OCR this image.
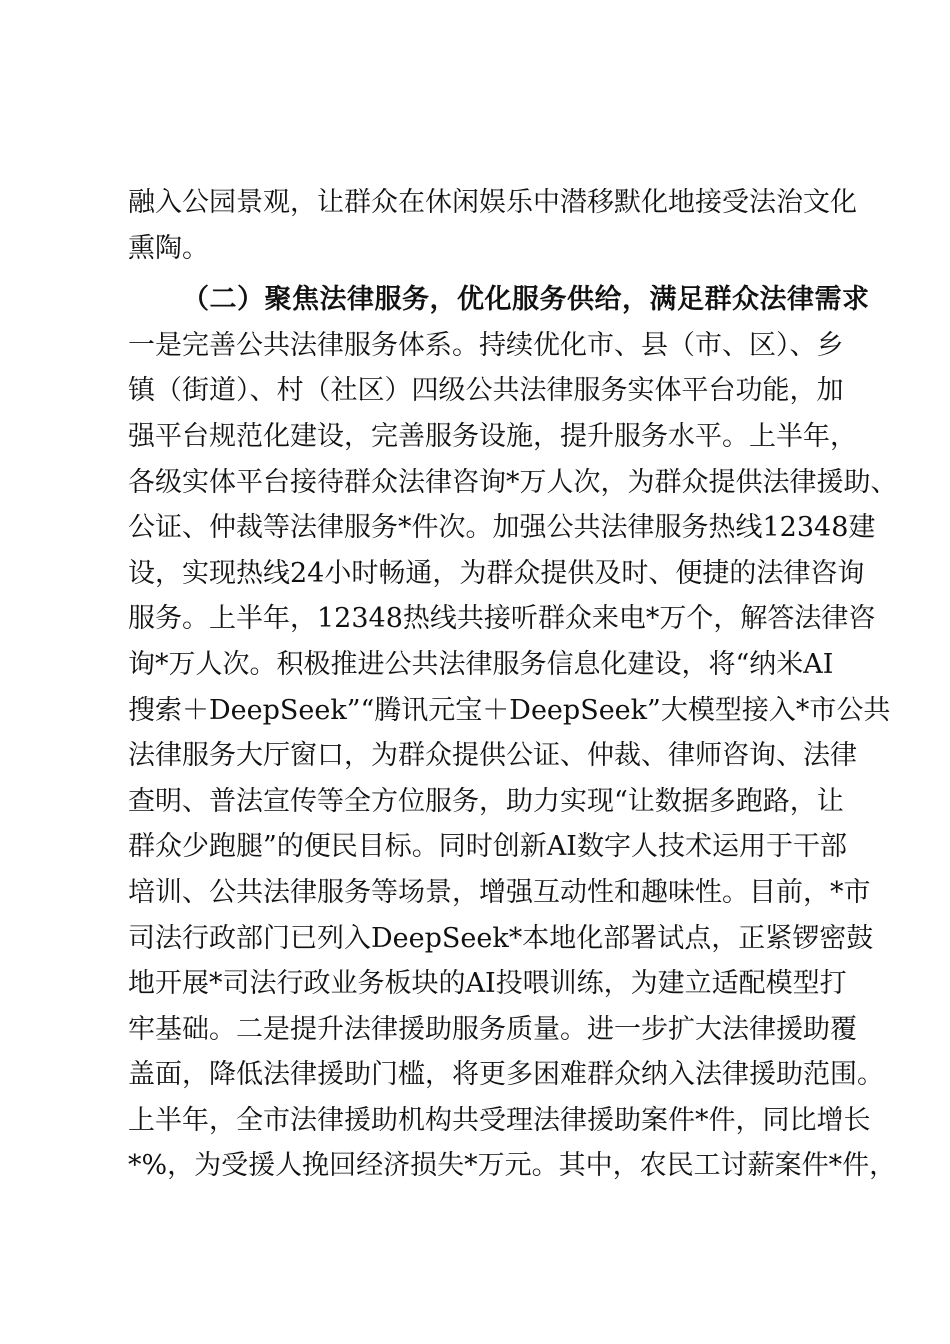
融入公园景观，让群众在休闲娱乐中潜移默化地接受法治文化
熏陶。
（二）聚焦法律服务，优化服务供给，满足群众法律需求
一是完善公共法律服务体系。持续优化市、县（市、区）、乡
镇（街道）、村（社区）四级公共法律服务实体平台功能，加
强平台规范化建设，完善服务设施，提升服务水平。上半年，
各级实体平台接待群众法律咨询*万人次，为群众提供法律援助、
公证、仲裁等法律服务*件次。加强公共法律服务热线12348建
设，实现热线24小时畅通，为群众提供及时、便捷的法律咨询
服务。上半年，12348热线共接听群众来电*万个，解答法律咨
询*万人次。积极推进公共法律服务信息化建设，将“纳米AI
搜索＋DeepSeek”“腾讯元宝＋DeepSeek”大模型接入*市公共
法律服务大厅窗口，为群众提供公证、仲裁、律师咨询、法律
查明、普法宣传等全方位服务，助力实现“让数据多跑路，让
群众少跑腿”的便民目标。同时创新AI数字人技术运用于干部
培训、公共法律服务等场景，增强互动性和趣味性。目前，*市
司法行政部门已列入DeepSeek*本地化部署试点，正紧锣密鼓
地开展*司法行政业务板块的AI投喂训练，为建立适配模型打
牢基础。二是提升法律援助服务质量。进一步扩大法律援助覆
盖面，降低法律援助门槛，将更多困难群众纳入法律援助范围。
上半年，全市法律援助机构共受理法律援助案件*件，同比增长
*%，为受援人挽回经济损失*万元。其中，农民工讨薪案件*件，
